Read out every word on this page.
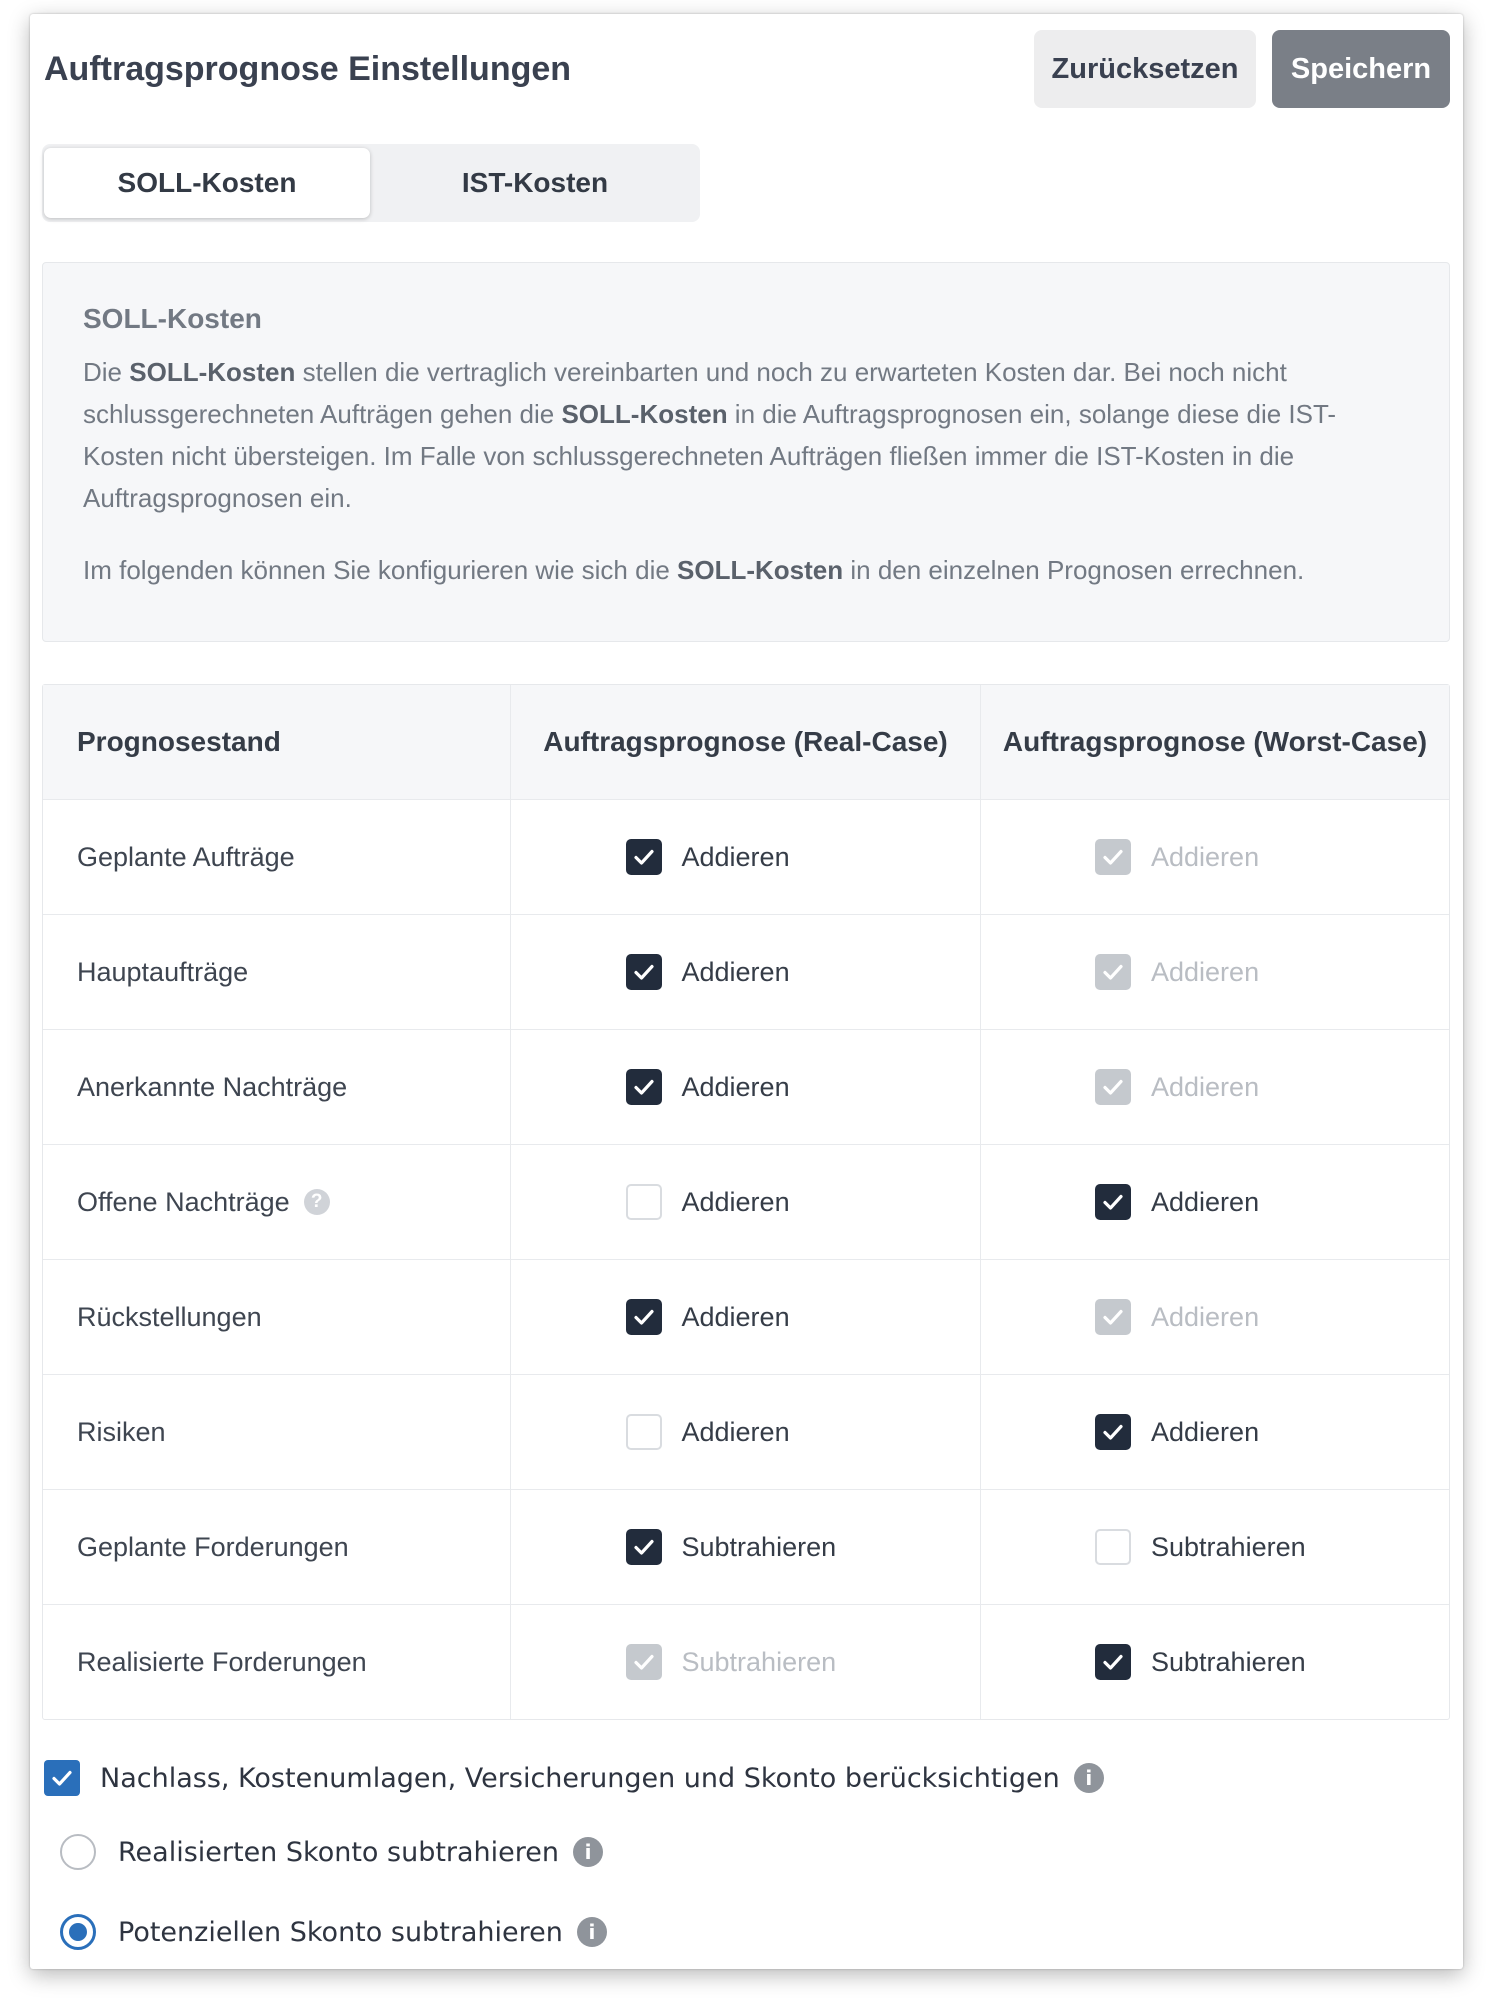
Auftragsprognose Einstellungen	Zurücksetzen	Speichern
SOLL-Kosten	IST-Kosten
SOLL-Kosten

Die SOLL-Kosten stellen die vertraglich vereinbarten und noch zu erwarteten Kosten dar. Bei noch nicht schlussgerechneten Aufträgen gehen die SOLL-Kosten in die Auftragsprognosen ein, solange diese die IST-Kosten nicht übersteigen. Im Falle von schlussgerechneten Aufträgen fließen immer die IST-Kosten in die Auftragsprognosen ein.

Im folgenden können Sie konfigurieren wie sich die SOLL-Kosten in den einzelnen Prognosen errechnen.

Prognosestand	Auftragsprognose (Real-Case)	Auftragsprognose (Worst-Case)
Geplante Aufträge	Addieren	Addieren
Hauptaufträge	Addieren	Addieren
Anerkannte Nachträge	Addieren	Addieren
Offene Nachträge	?	Addieren	Addieren
Rückstellungen	Addieren	Addieren
Risiken	Addieren	Addieren
Geplante Forderungen	Subtrahieren	Subtrahieren
Realisierte Forderungen	Subtrahieren	Subtrahieren
Nachlass, Kostenumlagen, Versicherungen und Skonto berücksichtigen	i
Realisierten Skonto subtrahieren	i
Potenziellen Skonto subtrahieren	i
